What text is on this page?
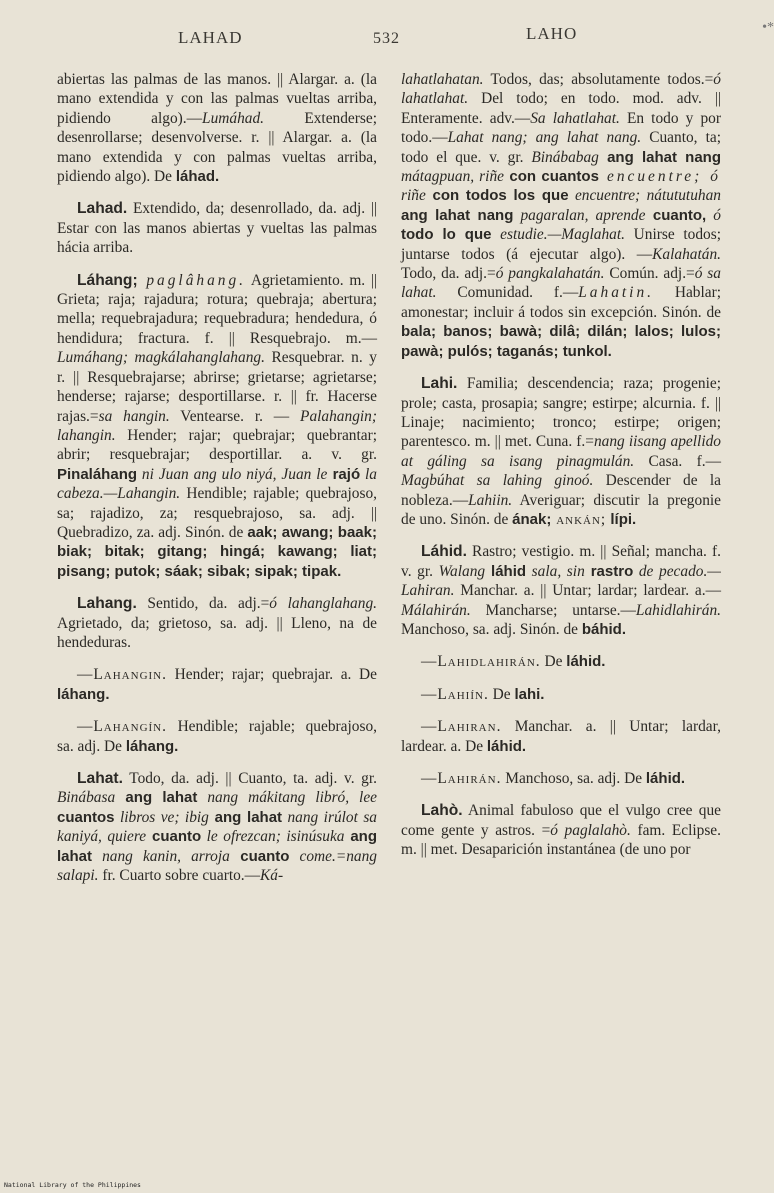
•*
LAHAD	532	LAHO

abiertas las palmas de las manos. || Alargar. a. (la mano extendida y con las palmas vueltas arriba, pidiendo algo).—Lumáhad. Extenderse; desenrollarse; desenvolverse. r. || Alargar. a. (la mano extendida y con palmas vueltas arriba, pidiendo algo). De láhad.

Lahad. Extendido, da; desenrollado, da. adj. || Estar con las manos abiertas y vueltas las palmas hácia arriba.

Láhang; paglâhang. Agrietamiento. m. || Grieta; raja; rajadura; rotura; quebraja; abertura; mella; requebrajadura; requebradura; hendedura, ó hendidura; fractura. f. || Resquebrajo. m.—Lumáhang; magkálahanglahang. Resquebrar. n. y r. || Resquebrajarse; abrirse; grietarse; agrietarse; henderse; rajarse; desportillarse. r. || fr. Hacerse rajas.=sa hangin. Ventearse. r. — Palahangin; lahangin. Hender; rajar; quebrajar; quebrantar; abrir; resquebrajar; desportillar. a. v. gr. Pinaláhang ni Juan ang ulo niyá, Juan le rajó la cabeza.—Lahangin. Hendible; rajable; quebrajoso, sa; rajadizo, za; resquebrajoso, sa. adj. || Quebradizo, za. adj. Sinón. de aak; awang; baak; biak; bitak; gitang; hingá; kawang; liat; pisang; putok; sáak; sibak; sipak; tipak.

Lahang. Sentido, da. adj.=ó lahanglahang. Agrietado, da; grietoso, sa. adj. || Lleno, na de hendeduras.

—Lahangin. Hender; rajar; quebrajar. a. De láhang.

—Lahangín. Hendible; rajable; quebrajoso, sa. adj. De láhang.

Lahat. Todo, da. adj. || Cuanto, ta. adj. v. gr. Binábasa ang lahat nang mákitang libró, lee cuantos libros ve; ibig ang lahat nang irúlot sa kaniyá, quiere cuanto le ofrezcan; isinúsuka ang lahat nang kanin, arroja cuanto come.=nang salapi. fr. Cuarto sobre cuarto.—Ká-

lahatlahatan. Todos, das; absolutamente todos.=ó lahatlahat. Del todo; en todo. mod. adv. || Enteramente. adv.—Sa lahatlahat. En todo y por todo.—Lahat nang; ang lahat nang. Cuanto, ta; todo el que. v. gr. Binábabag ang lahat nang mátagpuan, riñe con cuantos encuentre; ó riñe con todos los que encuentre; nátututuhan ang lahat nang pagaralan, aprende cuanto, ó todo lo que estudie.—Maglahat. Unirse todos; juntarse todos (á ejecutar algo). —Kalahatán. Todo, da. adj.=ó pangkalahatán. Común. adj.=ó sa lahat. Comunidad. f.—Lahatin. Hablar; amonestar; incluir á todos sin excepción. Sinón. de bala; banos; bawà; dilâ; dilán; lalos; lulos; pawà; pulós; taganás; tunkol.

Lahi. Familia; descendencia; raza; progenie; prole; casta, prosapia; sangre; estirpe; alcurnia. f. || Linaje; nacimiento; tronco; estirpe; origen; parentesco. m. || met. Cuna. f.=nang iisang apellido at gáling sa isang pinagmulán. Casa. f.—Magbúhat sa lahing ginoó. Descender de la nobleza.—Lahiin. Averiguar; discutir la pregonie de uno. Sinón. de ának; ankán; lípi.

Láhid. Rastro; vestigio. m. || Señal; mancha. f. v. gr. Walang láhid sala, sin rastro de pecado.—Lahiran. Manchar. a. || Untar; lardar; lardear. a.—Málahirán. Mancharse; untarse.—Lahidlahirán. Manchoso, sa. adj. Sinón. de báhid.

—Lahidlahirán. De láhid.

—Lahiín. De lahi.

—Lahiran. Manchar. a. || Untar; lardar, lardear. a. De láhid.

—Lahirán. Manchoso, sa. adj. De láhid.

Lahò. Animal fabuloso que el vulgo cree que come gente y astros. =ó paglalahò. fam. Eclipse. m. || met. Desaparición instantánea (de uno por

National Library of the Philippines
